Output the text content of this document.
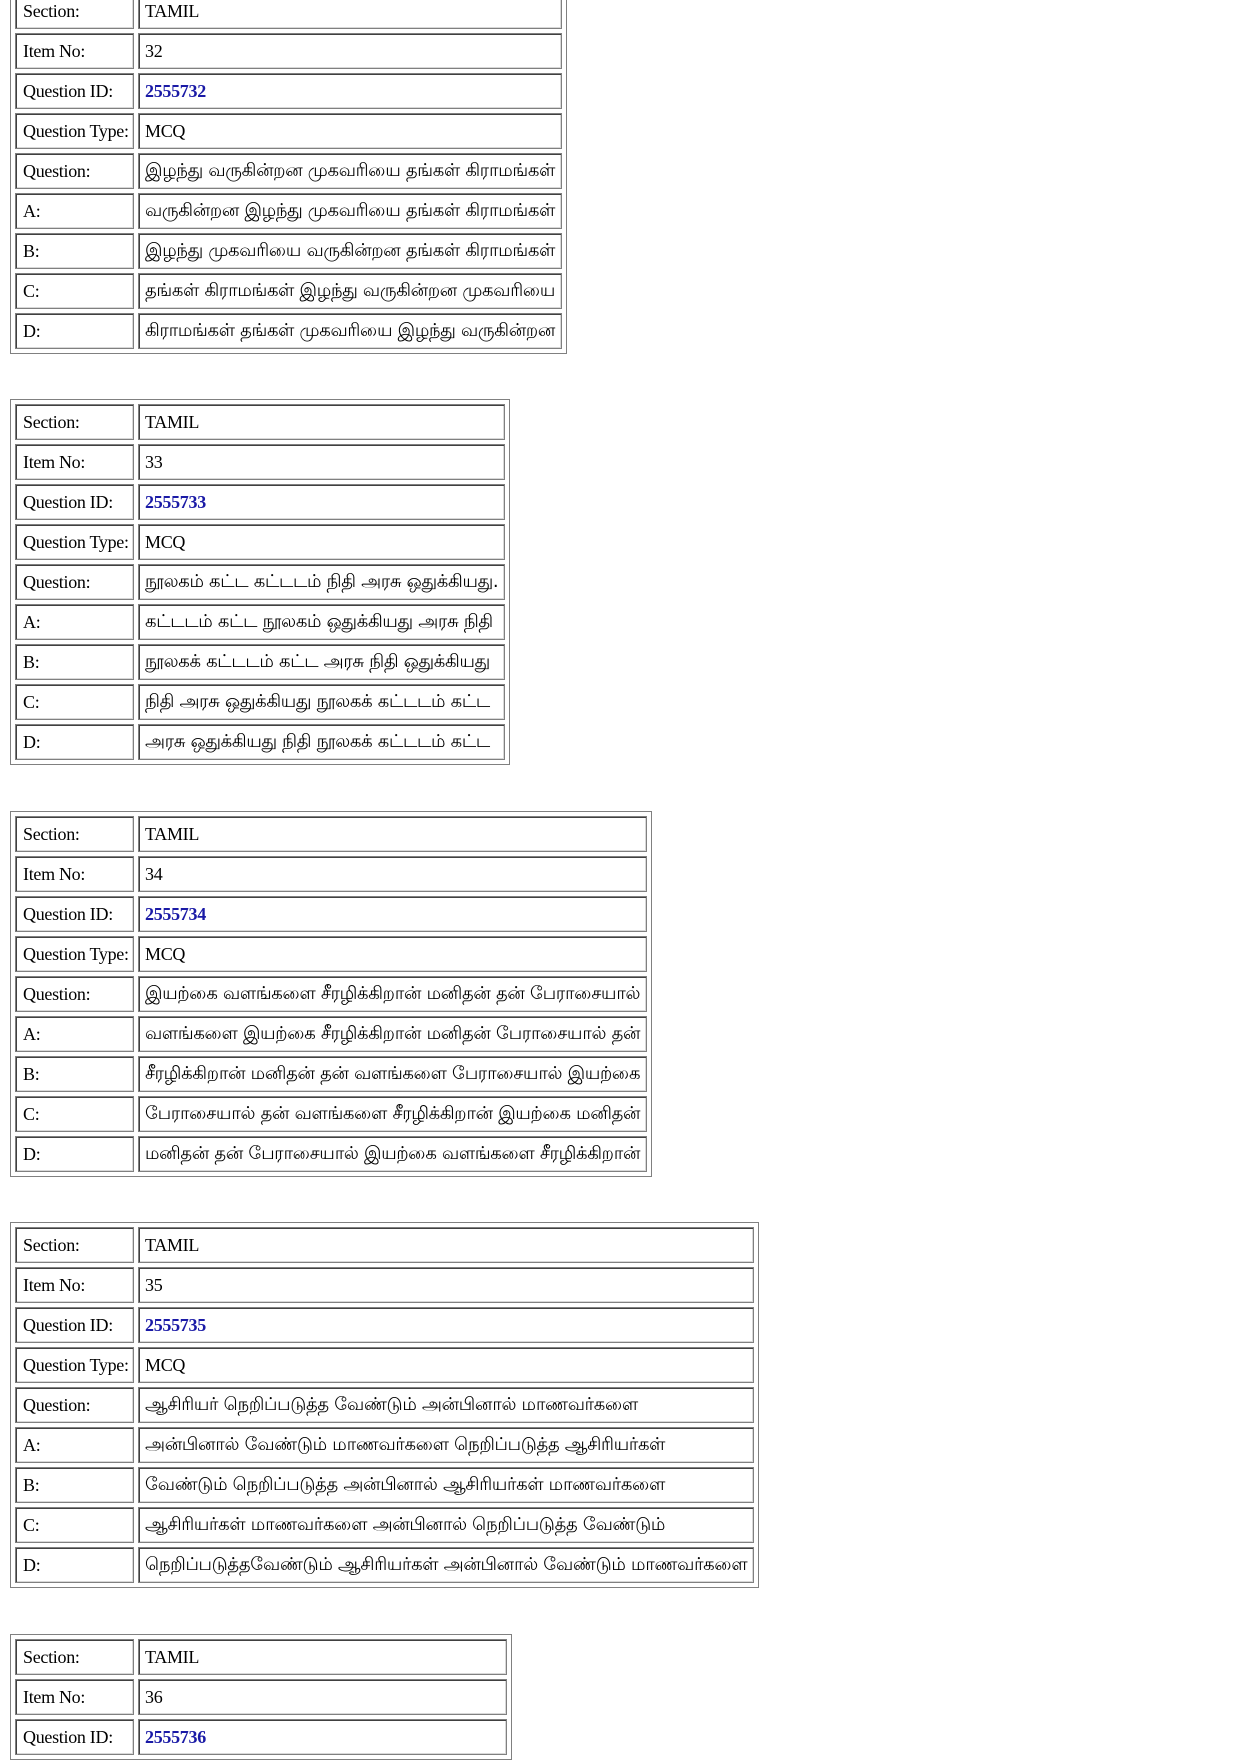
Section:	TAMIL
Item No:	32
Question ID:	2555732
Question Type:	MCQ
Question:	இழந்து வருகின்றன முகவரியை தங்கள் கிராமங்கள்
A:	வருகின்றன இழந்து முகவரியை தங்கள் கிராமங்கள்
B:	இழந்து முகவரியை வருகின்றன தங்கள் கிராமங்கள்
C:	தங்கள் கிராமங்கள் இழந்து வருகின்றன முகவரியை
D:	கிராமங்கள் தங்கள் முகவரியை இழந்து வருகின்றன
Section:	TAMIL
Item No:	33
Question ID:	2555733
Question Type:	MCQ
Question:	நூலகம் கட்ட கட்டடம் நிதி அரசு ஒதுக்கியது.
A:	கட்டடம் கட்ட நூலகம் ஒதுக்கியது அரசு நிதி
B:	நூலகக் கட்டடம் கட்ட அரசு நிதி ஒதுக்கியது
C:	நிதி அரசு ஒதுக்கியது நூலகக் கட்டடம் கட்ட
D:	அரசு ஒதுக்கியது நிதி நூலகக் கட்டடம் கட்ட
Section:	TAMIL
Item No:	34
Question ID:	2555734
Question Type:	MCQ
Question:	இயற்கை வளங்களை சீரழிக்கிறான் மனிதன் தன் பேராசையால்
A:	வளங்களை இயற்கை சீரழிக்கிறான் மனிதன் பேராசையால் தன்
B:	சீரழிக்கிறான் மனிதன் தன் வளங்களை பேராசையால் இயற்கை
C:	பேராசையால் தன் வளங்களை சீரழிக்கிறான் இயற்கை மனிதன்
D:	மனிதன் தன் பேராசையால் இயற்கை வளங்களை சீரழிக்கிறான்
Section:	TAMIL
Item No:	35
Question ID:	2555735
Question Type:	MCQ
Question:	ஆசிரியர் நெறிப்படுத்த வேண்டும் அன்பினால் மாணவர்களை
A:	அன்பினால் வேண்டும் மாணவர்களை நெறிப்படுத்த ஆசிரியர்கள்
B:	வேண்டும் நெறிப்படுத்த அன்பினால் ஆசிரியர்கள் மாணவர்களை
C:	ஆசிரியர்கள் மாணவர்களை அன்பினால் நெறிப்படுத்த வேண்டும்
D:	நெறிப்படுத்தவேண்டும் ஆசிரியர்கள் அன்பினால் வேண்டும் மாணவர்களை
Section:	TAMIL
Item No:	36
Question ID:	2555736
